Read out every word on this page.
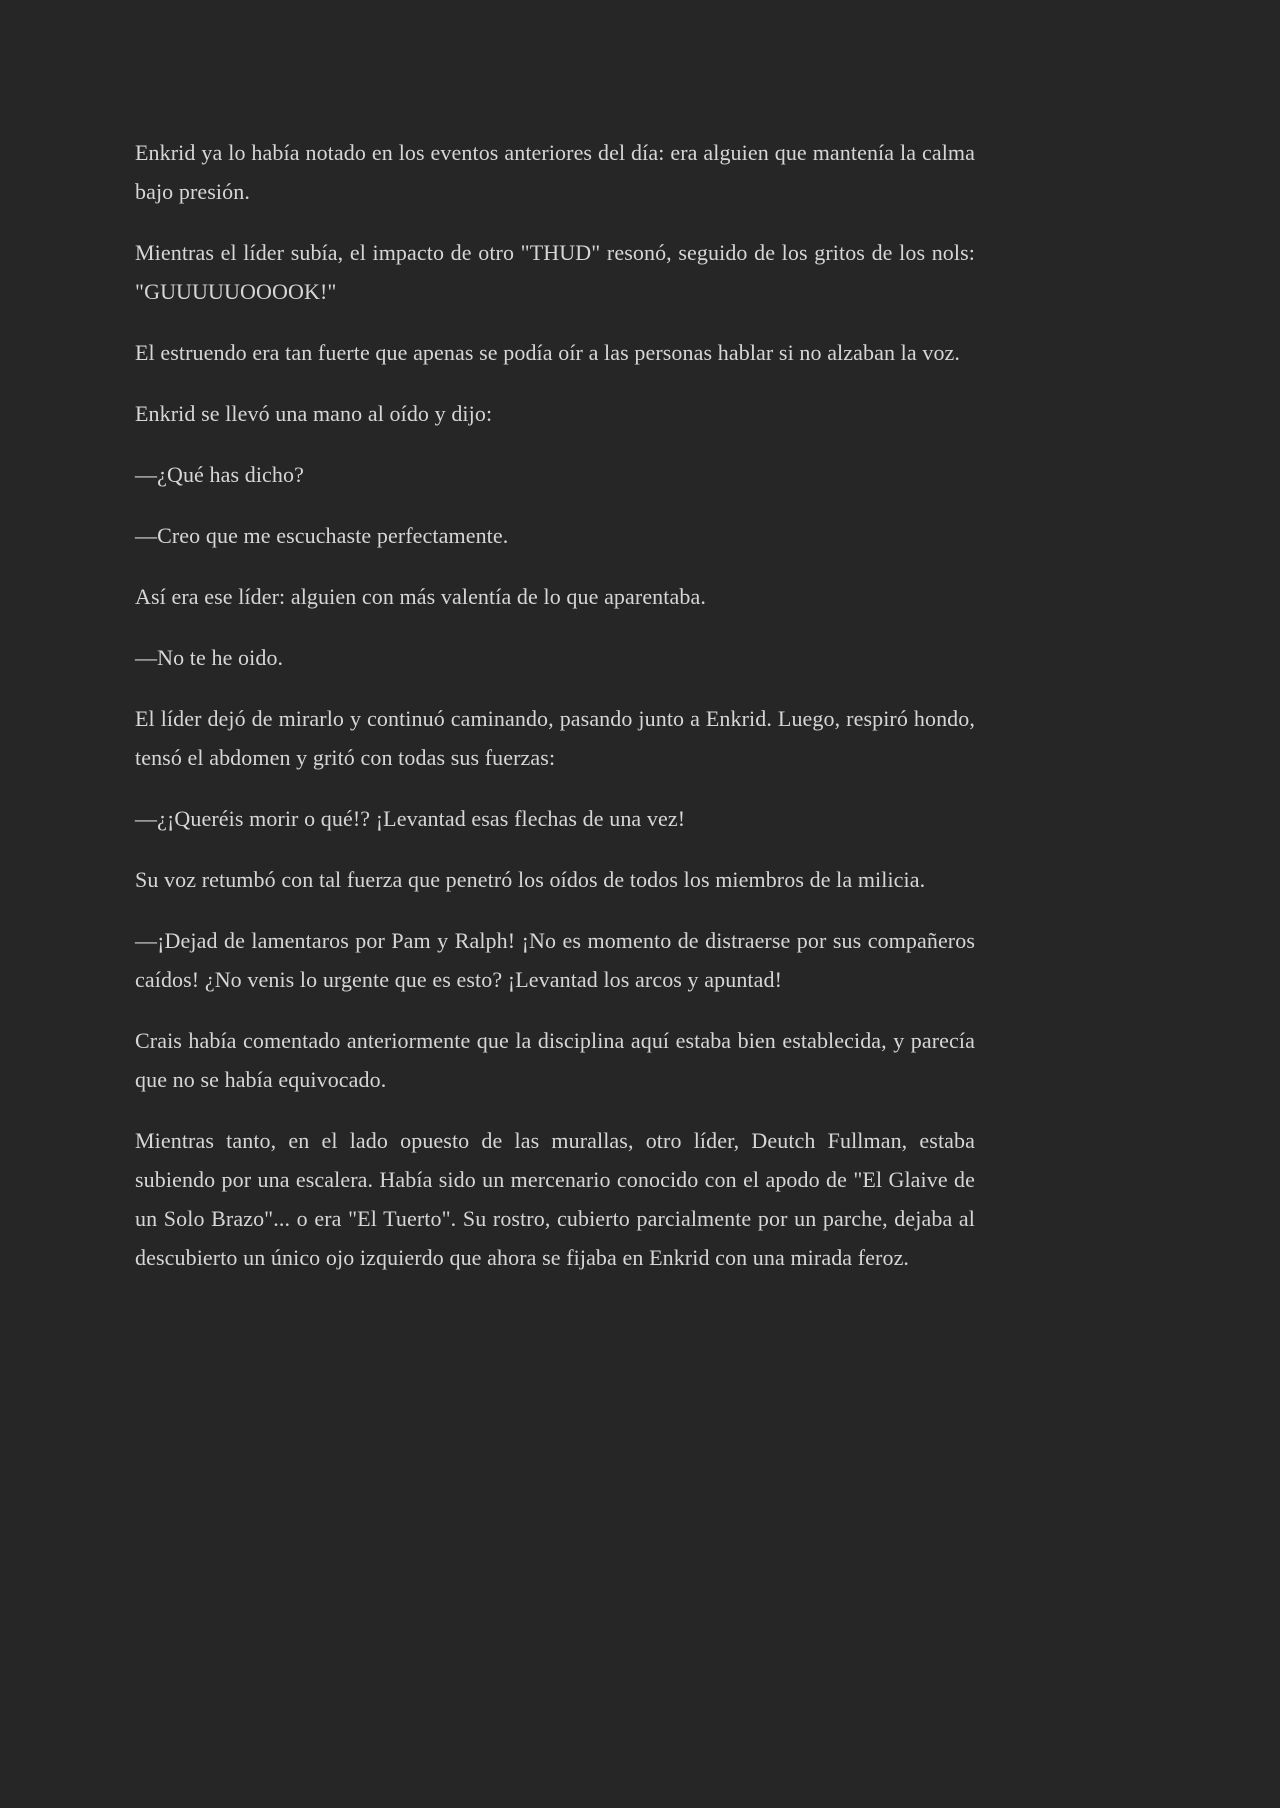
Enkrid ya lo había notado en los eventos anteriores del día: era alguien que mantenía la calma bajo presión.

Mientras el líder subía, el impacto de otro "THUD" resonó, seguido de los gritos de los nols: "GUUUUUOOOOK!"

El estruendo era tan fuerte que apenas se podía oír a las personas hablar si no alzaban la voz.

Enkrid se llevó una mano al oído y dijo:

—¿Qué has dicho?

—Creo que me escuchaste perfectamente.

Así era ese líder: alguien con más valentía de lo que aparentaba.

—No te he oido.

El líder dejó de mirarlo y continuó caminando, pasando junto a Enkrid. Luego, respiró hondo, tensó el abdomen y gritó con todas sus fuerzas:

—¿¡Queréis morir o qué!? ¡Levantad esas flechas de una vez!

Su voz retumbó con tal fuerza que penetró los oídos de todos los miembros de la milicia.

—¡Dejad de lamentaros por Pam y Ralph! ¡No es momento de distraerse por sus compañeros caídos! ¿No venis lo urgente que es esto? ¡Levantad los arcos y apuntad!

Crais había comentado anteriormente que la disciplina aquí estaba bien establecida, y parecía que no se había equivocado.

Mientras tanto, en el lado opuesto de las murallas, otro líder, Deutch Fullman, estaba subiendo por una escalera. Había sido un mercenario conocido con el apodo de "El Glaive de un Solo Brazo"... o era "El Tuerto". Su rostro, cubierto parcialmente por un parche, dejaba al descubierto un único ojo izquierdo que ahora se fijaba en Enkrid con una mirada feroz.
